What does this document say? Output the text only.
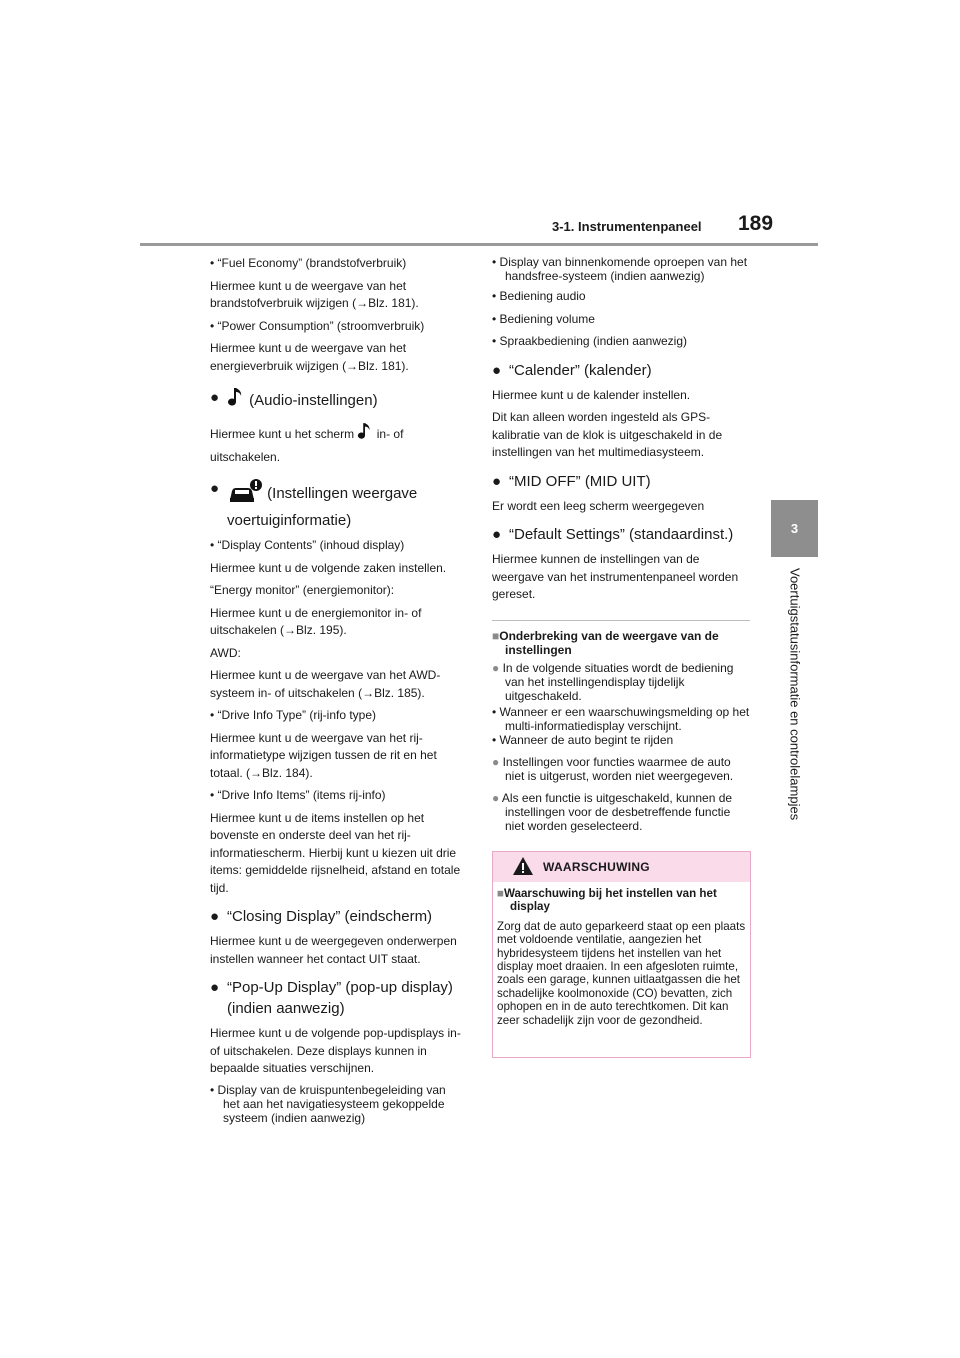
3-1. Instrumentenpaneel 189
3
Voertuigstatusinformatie en controlelampjes

• “Fuel Economy” (brandstofverbruik)

Hiermee kunt u de weergave van het brandstofverbruik wijzigen (→Blz. 181).

• “Power Consumption” (stroomverbruik)

Hiermee kunt u de weergave van het energieverbruik wijzigen (→Blz. 181).

● (Audio-instellingen)

Hiermee kunt u het scherm in- of uitschakelen.

●	(Instellingen weergave voertuiginformatie)

• “Display Contents” (inhoud display)

Hiermee kunt u de volgende zaken instellen.

“Energy monitor” (energiemonitor):

Hiermee kunt u de energiemonitor in- of uitschakelen (→Blz. 195).

AWD:

Hiermee kunt u de weergave van het AWD-systeem in- of uitschakelen (→Blz. 185).

• “Drive Info Type” (rij-info type)

Hiermee kunt u de weergave van het rij-informatietype wijzigen tussen de rit en het totaal. (→Blz. 184).

• “Drive Info Items” (items rij-info)

Hiermee kunt u de items instellen op het bovenste en onderste deel van het rij-informatiescherm. Hierbij kunt u kiezen uit drie items: gemiddelde rijsnelheid, afstand en totale tijd.

● “Closing Display” (eindscherm)

Hiermee kunt u de weergegeven onderwerpen instellen wanneer het contact UIT staat.

● “Pop-Up Display” (pop-up display) (indien aanwezig)

Hiermee kunt u de volgende pop-updisplays in- of uitschakelen. Deze displays kunnen in bepaalde situaties verschijnen.

• Display van de kruispuntenbegeleiding van het aan het navigatiesysteem gekoppelde systeem (indien aanwezig)

• Display van binnenkomende oproepen van het handsfree-systeem (indien aanwezig)

• Bediening audio

• Bediening volume

• Spraakbediening (indien aanwezig)

● “Calender” (kalender)

Hiermee kunt u de kalender instellen.

Dit kan alleen worden ingesteld als GPS-kalibratie van de klok is uitgeschakeld in de instellingen van het multimediasysteem.

● “MID OFF” (MID UIT)

Er wordt een leeg scherm weergegeven

● “Default Settings” (standaardinst.)

Hiermee kunnen de instellingen van de weergave van het instrumentenpaneel worden gereset.

■Onderbreking van de weergave van de instellingen
● In de volgende situaties wordt de bediening van het instellingendisplay tijdelijk uitgeschakeld.
• Wanneer er een waarschuwingsmelding op het multi-informatiedisplay verschijnt.
• Wanneer de auto begint te rijden
● Instellingen voor functies waarmee de auto niet is uitgerust, worden niet weergegeven.
● Als een functie is uitgeschakeld, kunnen de instellingen voor de desbetreffende functie niet worden geselecteerd.
WAARSCHUWING
■Waarschuwing bij het instellen van het display
Zorg dat de auto geparkeerd staat op een plaats met voldoende ventilatie, aangezien het hybridesysteem tijdens het instellen van het display moet draaien. In een afgesloten ruimte, zoals een garage, kunnen uitlaatgassen die het schadelijke koolmonoxide (CO) bevatten, zich ophopen en in de auto terechtkomen. Dit kan zeer schadelijk zijn voor de gezondheid.
